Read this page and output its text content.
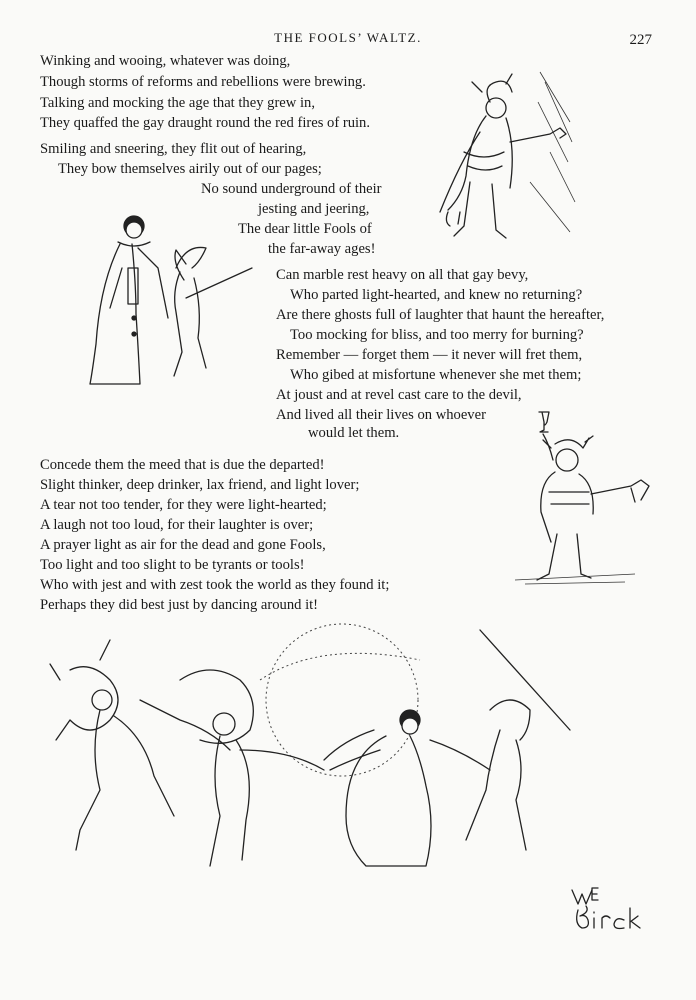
THE FOOLS’ WALTZ.	227
Winking and wooing, whatever was doing,
Though storms of reforms and rebellions were brewing.
Talking and mocking the age that they grew in,
They quaffed the gay draught round the red fires of ruin.
Smiling and sneering, they flit out of hearing,
They bow themselves airily out of our pages;
No sound underground of their
jesting and jeering,
The dear little Fools of
the far-away ages!
Can marble rest heavy on all that gay bevy,
Who parted light-hearted, and knew no returning?
Are there ghosts full of laughter that haunt the hereafter,
Too mocking for bliss, and too merry for burning?
Remember — forget them — it never will fret them,
Who gibed at misfortune whenever she met them;
At joust and at revel cast care to the devil,
And lived all their lives on whoever
would let them.
Concede them the meed that is due the departed!
Slight thinker, deep drinker, lax friend, and light lover;
A tear not too tender, for they were light-hearted;
A laugh not too loud, for their laughter is over;
A prayer light as air for the dead and gone Fools,
Too light and too slight to be tyrants or tools!
Who with jest and with zest took the world as they found it;
Perhaps they did best just by dancing around it!
